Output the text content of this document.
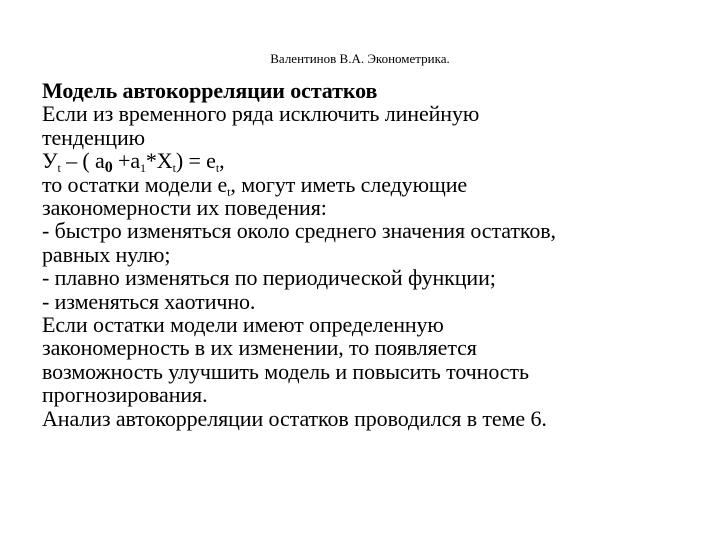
Валентинов В.А. Эконометрика.
Модель автокорреляции остатков
Если из временного ряда исключить линейную
тенденцию
$У_t$ – ( $a_0 +a_1*X_t) = e_t$,
то остатки модели $e_t$, могут иметь следующие
закономерности их поведения:
- быстро изменяться около среднего значения остатков,
равных нулю;
- плавно изменяться по периодической функции;
- изменяться хаотично.
Если остатки модели имеют определенную
закономерность в их изменении, то появляется
возможность улучшить модель и повысить точность
прогнозирования.
Анализ автокорреляции остатков проводился в теме 6.
